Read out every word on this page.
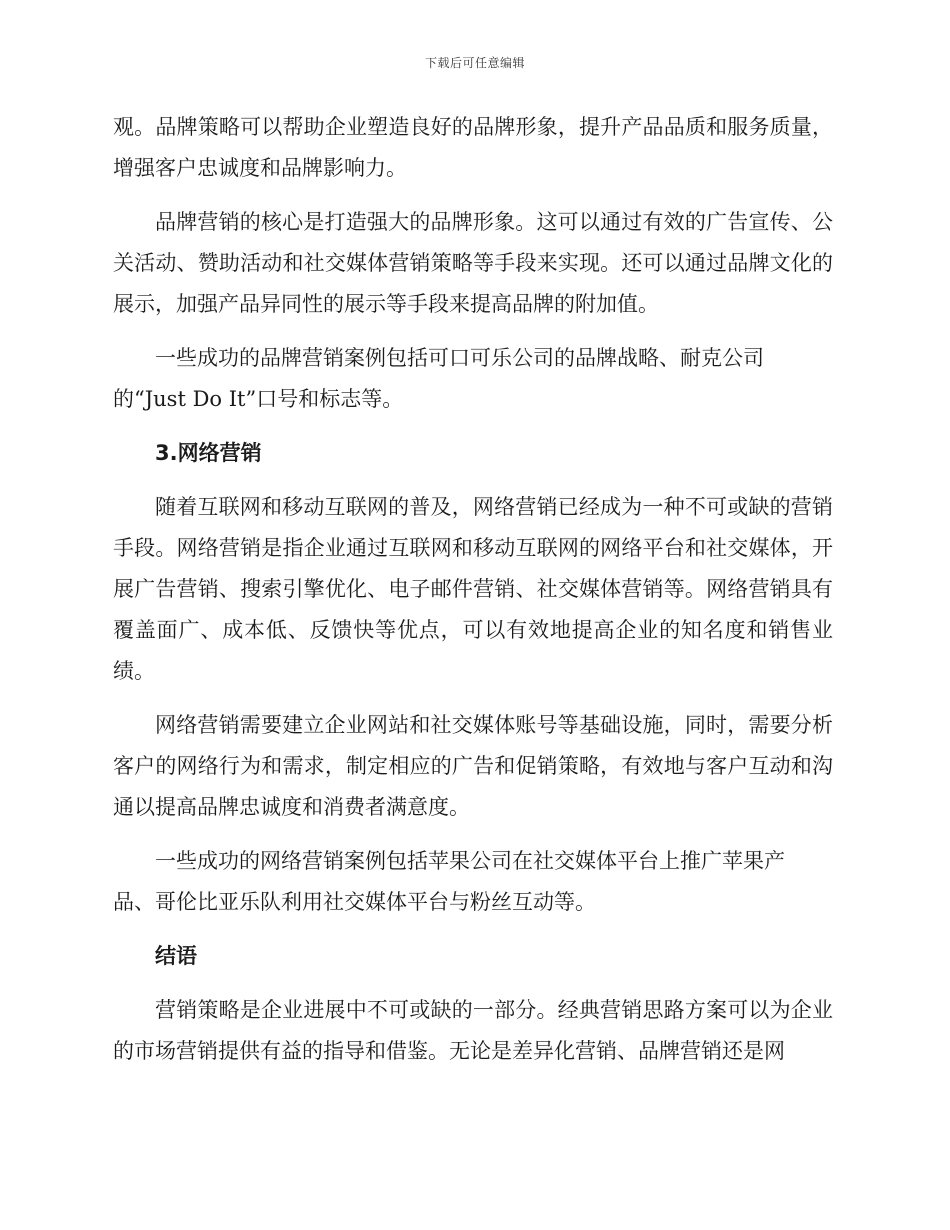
下载后可任意编辑

观。品牌策略可以帮助企业塑造良好的品牌形象，提升产品品质和服务质量，增强客户忠诚度和品牌影响力。

品牌营销的核心是打造强大的品牌形象。这可以通过有效的广告宣传、公关活动、赞助活动和社交媒体营销策略等手段来实现。还可以通过品牌文化的展示，加强产品异同性的展示等手段来提高品牌的附加值。

一些成功的品牌营销案例包括可口可乐公司的品牌战略、耐克公司
的“Just Do It”口号和标志等。

3.网络营销

随着互联网和移动互联网的普及，网络营销已经成为一种不可或缺的营销手段。网络营销是指企业通过互联网和移动互联网的网络平台和社交媒体，开展广告营销、搜索引擎优化、电子邮件营销、社交媒体营销等。网络营销具有覆盖面广、成本低、反馈快等优点，可以有效地提高企业的知名度和销售业绩。

网络营销需要建立企业网站和社交媒体账号等基础设施，同时，需要分析客户的网络行为和需求，制定相应的广告和促销策略，有效地与客户互动和沟通以提高品牌忠诚度和消费者满意度。

一些成功的网络营销案例包括苹果公司在社交媒体平台上推广苹果产
品、哥伦比亚乐队利用社交媒体平台与粉丝互动等。

结语

营销策略是企业进展中不可或缺的一部分。经典营销思路方案可以为企业的市场营销提供有益的指导和借鉴。无论是差异化营销、品牌营销还是网
